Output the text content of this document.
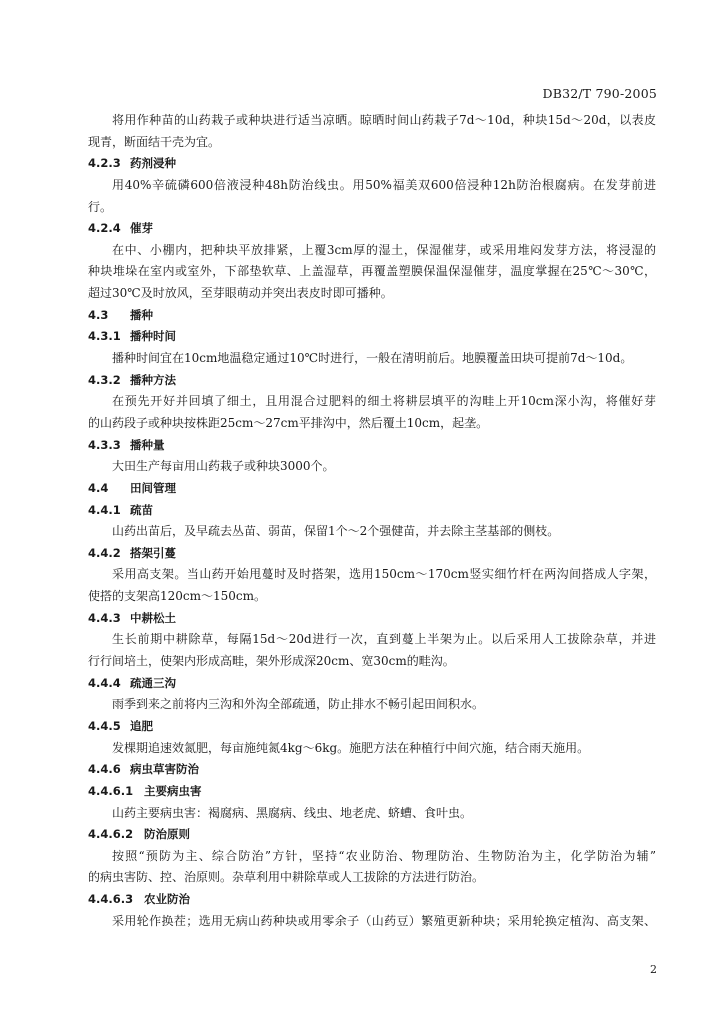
DB32/T 790-2005
将用作种苗的山药栽子或种块进行适当凉晒。晾晒时间山药栽子7d～10d，种块15d～20d，以表皮
现青，断面结干壳为宜。
4.2.3 药剂浸种
用40%辛硫磷600倍液浸种48h防治线虫。用50%福美双600倍浸种12h防治根腐病。在发芽前进
行。
4.2.4 催芽
在中、小棚内，把种块平放排紧，上覆3cm厚的湿土，保湿催芽，或采用堆闷发芽方法，将浸湿的
种块堆垛在室内或室外，下部垫软草、上盖湿草，再覆盖塑膜保温保湿催芽，温度掌握在25℃～30℃，
超过30℃及时放风，至芽眼萌动并突出表皮时即可播种。
4.3 播种
4.3.1 播种时间
播种时间宜在10cm地温稳定通过10℃时进行，一般在清明前后。地膜覆盖田块可提前7d～10d。
4.3.2 播种方法
在预先开好并回填了细土，且用混合过肥料的细土将耕层填平的沟畦上开10cm深小沟，将催好芽
的山药段子或种块按株距25cm～27cm平排沟中，然后覆土10cm，起垄。
4.3.3 播种量
大田生产每亩用山药栽子或种块3000个。
4.4 田间管理
4.4.1 疏苗
山药出苗后，及早疏去丛苗、弱苗，保留1个～2个强健苗，并去除主茎基部的侧枝。
4.4.2 搭架引蔓
采用高支架。当山药开始甩蔓时及时搭架，选用150cm～170cm竖实细竹杆在两沟间搭成人字架，
使搭的支架高120cm～150cm。
4.4.3 中耕松土
生长前期中耕除草，每隔15d～20d进行一次，直到蔓上半架为止。以后采用人工拔除杂草，并进
行行间培土，使架内形成高畦，架外形成深20cm、宽30cm的畦沟。
4.4.4 疏通三沟
雨季到来之前将内三沟和外沟全部疏通，防止排水不畅引起田间积水。
4.4.5 追肥
发棵期追速效氮肥，每亩施纯氮4kg～6kg。施肥方法在种植行中间穴施，结合雨天施用。
4.4.6 病虫草害防治
4.4.6.1 主要病虫害
山药主要病虫害：褐腐病、黑腐病、线虫、地老虎、蛴螬、食叶虫。
4.4.6.2 防治原则
按照“预防为主、综合防治”方针，坚持“农业防治、物理防治、生物防治为主，化学防治为辅”
的病虫害防、控、治原则。杂草利用中耕除草或人工拔除的方法进行防治。
4.4.6.3 农业防治
采用轮作换茬；选用无病山药种块或用零余子（山药豆）繁殖更新种块；采用轮换定植沟、高支架、
2
